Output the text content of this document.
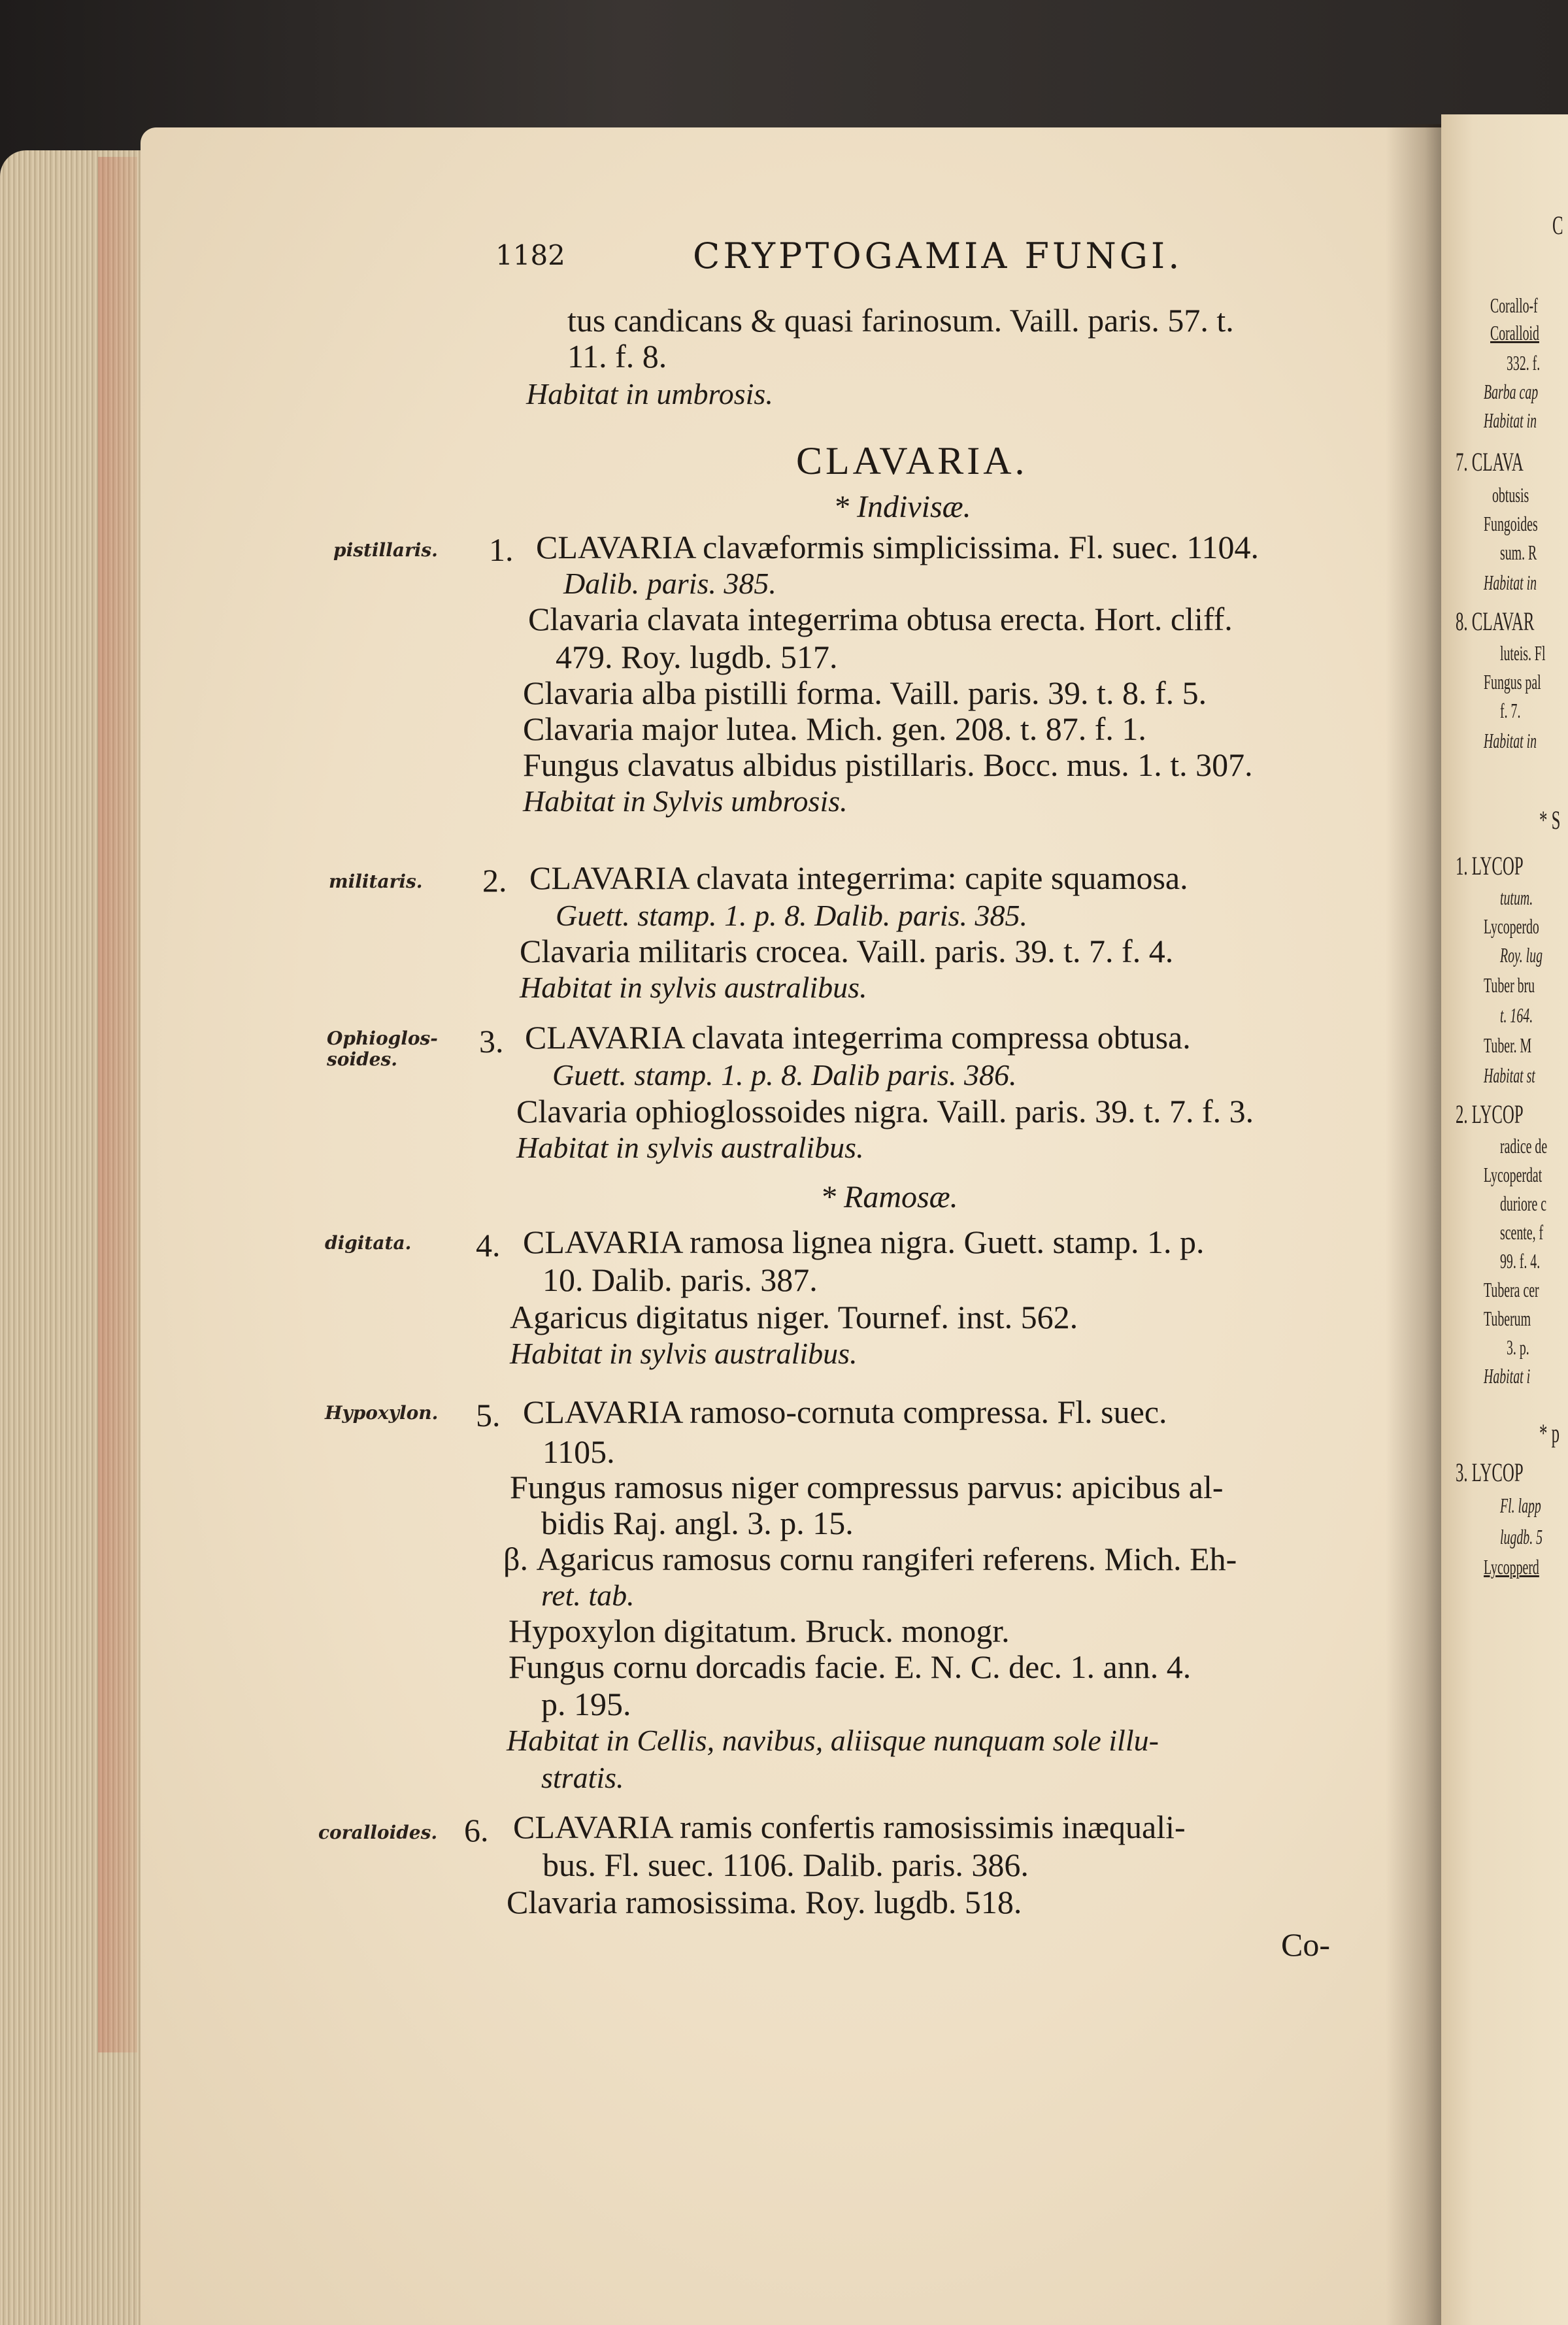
C
Corallo-f
Coralloid
332. f.
Barba cap
Habitat in
7. CLAVA
obtusis
Fungoides
sum. R
Habitat in
8. CLAVAR
luteis. Fl
Fungus pal
f. 7.
Habitat in
* S
1. LYCOP
tutum.
Lycoperdo
Roy. lug
Tuber bru
t. 164.
Tuber. M
Habitat st
2. LYCOP
radice de
Lycoperdat
duriore c
scente, f
99. f. 4.
Tubera cer
Tuberum
3. p.
Habitat i
* p
3. LYCOP
Fl. lapp
lugdb. 5
Lycopperd
1182	CRYPTOGAMIA FUNGI.
tus candicans & quasi farinosum. Vaill. paris. 57. t.
11. f. 8.
Habitat in umbrosis.
CLAVARIA.
* Indivisæ.
pistillaris. 1. CLAVARIA clavæformis simplicissima. Fl. suec. 1104.
Dalib. paris. 385.
Clavaria clavata integerrima obtusa erecta. Hort. cliff.
479. Roy. lugdb. 517.
Clavaria alba pistilli forma. Vaill. paris. 39. t. 8. f. 5.
Clavaria major lutea. Mich. gen. 208. t. 87. f. 1.
Fungus clavatus albidus pistillaris. Bocc. mus. 1. t. 307.
Habitat in Sylvis umbrosis.
militaris. 2. CLAVARIA clavata integerrima: capite squamosa.
Guett. stamp. 1. p. 8. Dalib. paris. 385.
Clavaria militaris crocea. Vaill. paris. 39. t. 7. f. 4.
Habitat in sylvis australibus.
Ophioglos-
soides.	3. CLAVARIA clavata integerrima compressa obtusa.
Guett. stamp. 1. p. 8. Dalib paris. 386.
Clavaria ophioglossoides nigra. Vaill. paris. 39. t. 7. f. 3.
Habitat in sylvis australibus.
* Ramosæ.
digitata. 4. CLAVARIA ramosa lignea nigra. Guett. stamp. 1. p.
10. Dalib. paris. 387.
Agaricus digitatus niger. Tournef. inst. 562.
Habitat in sylvis australibus.
Hypoxylon. 5. CLAVARIA ramoso-cornuta compressa. Fl. suec.
1105.
Fungus ramosus niger compressus parvus: apicibus al-
bidis Raj. angl. 3. p. 15.
β. Agaricus ramosus cornu rangiferi referens. Mich. Eh-
ret. tab.
Hypoxylon digitatum. Bruck. monogr.
Fungus cornu dorcadis facie. E. N. C. dec. 1. ann. 4.
p. 195.
Habitat in Cellis, navibus, aliisque nunquam sole illu-
stratis.
coralloides. 6. CLAVARIA ramis confertis ramosissimis inæquali-
bus. Fl. suec. 1106. Dalib. paris. 386.
Clavaria ramosissima. Roy. lugdb. 518.
Co-
